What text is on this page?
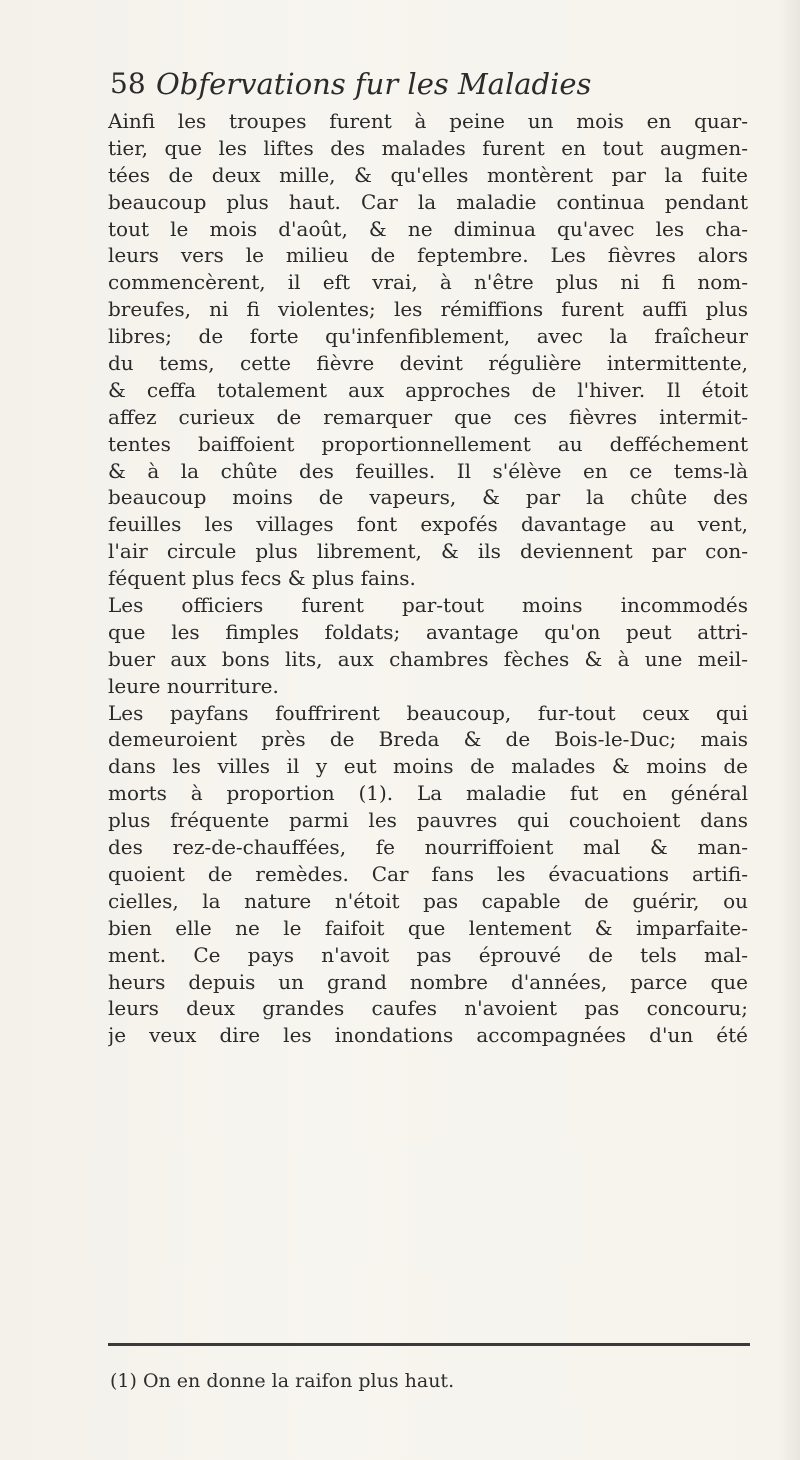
58 Obfervations fur les Maladies
Ainfi les troupes furent à peine un mois en quar-
tier, que les liftes des malades furent en tout augmen-
tées de deux mille, & qu'elles montèrent par la fuite
beaucoup plus haut. Car la maladie continua pendant
tout le mois d'août, & ne diminua qu'avec les cha-
leurs vers le milieu de feptembre. Les fièvres alors
commencèrent, il eft vrai, à n'être plus ni fi nom-
breufes, ni fi violentes; les rémiffions furent auffi plus
libres; de forte qu'infenfiblement, avec la fraîcheur
du tems, cette fièvre devint régulière intermittente,
& ceffa totalement aux approches de l'hiver. Il étoit
affez curieux de remarquer que ces fièvres intermit-
tentes baiffoient proportionnellement au defféchement
& à la chûte des feuilles. Il s'élève en ce tems-là
beaucoup moins de vapeurs, & par la chûte des
feuilles les villages font expofés davantage au vent,
l'air circule plus librement, & ils deviennent par con-
féquent plus fecs & plus fains.
Les officiers furent par-tout moins incommodés
que les fimples foldats; avantage qu'on peut attri-
buer aux bons lits, aux chambres fèches & à une meil-
leure nourriture.
Les payfans fouffrirent beaucoup, fur-tout ceux qui
demeuroient près de Breda & de Bois-le-Duc; mais
dans les villes il y eut moins de malades & moins de
morts à proportion (1). La maladie fut en général
plus fréquente parmi les pauvres qui couchoient dans
des rez-de-chauffées, fe nourriffoient mal & man-
quoient de remèdes. Car fans les évacuations artifi-
cielles, la nature n'étoit pas capable de guérir, ou
bien elle ne le faifoit que lentement & imparfaite-
ment. Ce pays n'avoit pas éprouvé de tels mal-
heurs depuis un grand nombre d'années, parce que
leurs deux grandes caufes n'avoient pas concouru;
je veux dire les inondations accompagnées d'un été
(1) On en donne la raifon plus haut.
